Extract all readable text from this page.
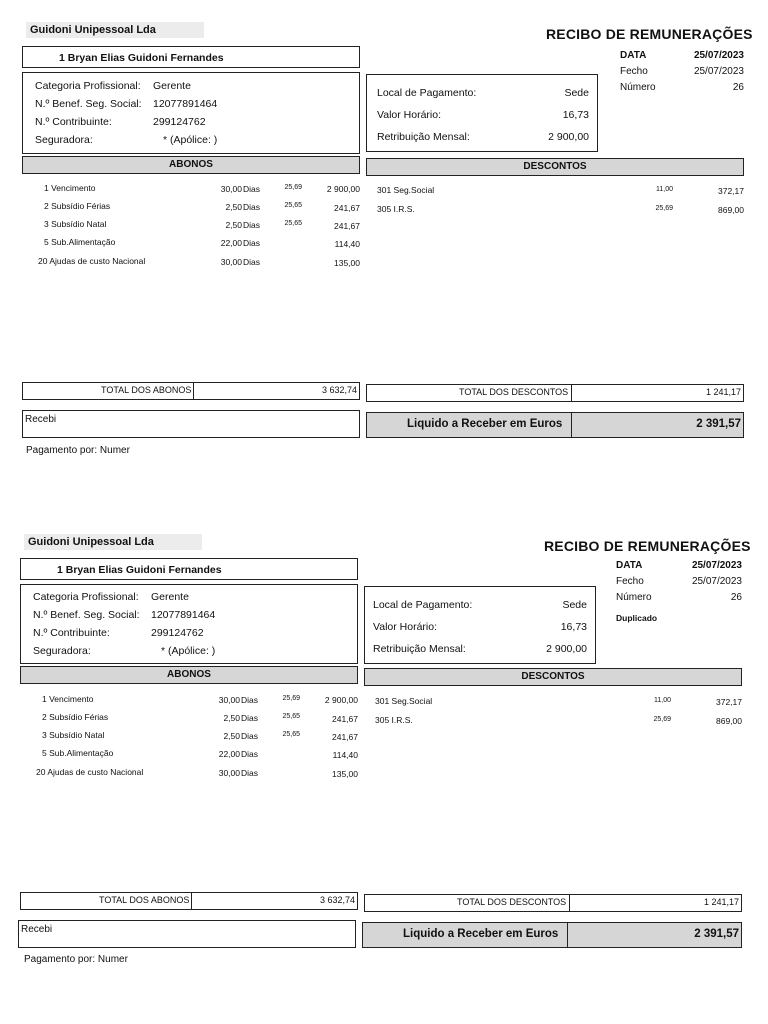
Guidoni Unipessoal Lda	RECIBO DE REMUNERAÇÕES
1 Bryan Elias Guidoni Fernandes
Categoria Profissional: Gerente
N.º Benef. Seg. Social: 12077891464
N.º Contribuinte:	299124762
Seguradora:	* (Apólice: )
Local de Pagamento:	Sede
Valor Horário:	16,73
Retribuição Mensal:	2 900,00
DATA	25/07/2023
Fecho	25/07/2023
Número	26
ABONOS	DESCONTOS
1 Vencimento	30,00 Dias	25,69	2 900,00
2 Subsídio Férias	2,50 Dias	25,65	241,67
3 Subsídio Natal	2,50 Dias	25,65	241,67
5 Sub.Alimentação	22,00 Dias	114,40
20 Ajudas de custo Nacional	30,00 Dias	135,00
301 Seg.Social	11,00	372,17
305 I.R.S.	25,69	869,00
TOTAL DOS ABONOS	3 632,74	TOTAL DOS DESCONTOS	1 241,17
Recebi	Liquido a Receber em Euros	2 391,57
Pagamento por: Numer
Guidoni Unipessoal Lda	RECIBO DE REMUNERAÇÕES
1 Bryan Elias Guidoni Fernandes
Categoria Profissional: Gerente
N.º Benef. Seg. Social: 12077891464
N.º Contribuinte:	299124762
Seguradora:	* (Apólice: )
Local de Pagamento:	Sede
Valor Horário:	16,73
Retribuição Mensal:	2 900,00
DATA	25/07/2023
Fecho	25/07/2023
Número	26
Duplicado
ABONOS	DESCONTOS
1 Vencimento	30,00 Dias	25,69	2 900,00
2 Subsídio Férias	2,50 Dias	25,65	241,67
3 Subsídio Natal	2,50 Dias	25,65	241,67
5 Sub.Alimentação	22,00 Dias	114,40
20 Ajudas de custo Nacional	30,00 Dias	135,00
301 Seg.Social	11,00	372,17
305 I.R.S.	25,69	869,00
TOTAL DOS ABONOS	3 632,74	TOTAL DOS DESCONTOS	1 241,17
Recebi	Liquido a Receber em Euros	2 391,57
Pagamento por: Numer
